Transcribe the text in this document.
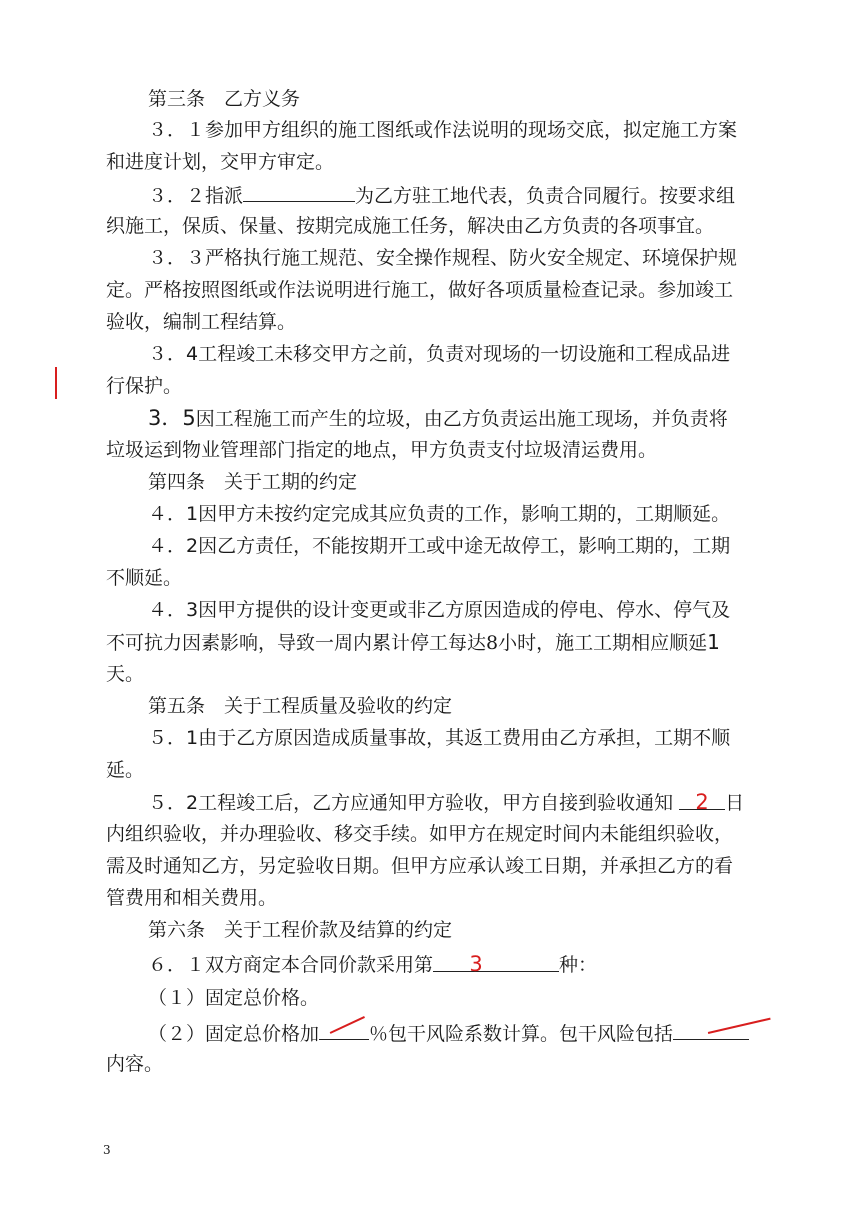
第三条　乙方义务
３．１参加甲方组织的施工图纸或作法说明的现场交底，拟定施工方案
和进度计划，交甲方审定。
３．２指派	为乙方驻工地代表，负责合同履行。按要求组
织施工，保质、保量、按期完成施工任务，解决由乙方负责的各项事宜。
３．３严格执行施工规范、安全操作规程、防火安全规定、环境保护规
定。严格按照图纸或作法说明进行施工，做好各项质量检查记录。参加竣工
验收，编制工程结算。
３．4工程竣工未移交甲方之前，负责对现场的一切设施和工程成品进
行保护。
3．5因工程施工而产生的垃圾，由乙方负责运出施工现场，并负责将
垃圾运到物业管理部门指定的地点，甲方负责支付垃圾清运费用。
第四条　关于工期的约定
４．1因甲方未按约定完成其应负责的工作，影响工期的，工期顺延。
４．2因乙方责任，不能按期开工或中途无故停工，影响工期的，工期
不顺延。
４．3因甲方提供的设计变更或非乙方原因造成的停电、停水、停气及
不可抗力因素影响，导致一周内累计停工每达8小时，施工工期相应顺延1
天。
第五条　关于工程质量及验收的约定
５．1由于乙方原因造成质量事故，其返工费用由乙方承担，工期不顺
延。
５．2工程竣工后，乙方应通知甲方验收，甲方自接到验收通知 2 日
内组织验收，并办理验收、移交手续。如甲方在规定时间内未能组织验收，
需及时通知乙方，另定验收日期。但甲方应承认竣工日期，并承担乙方的看
管费用和相关费用。
第六条　关于工程价款及结算的约定
６．１双方商定本合同价款采用第 3	种：
（１）固定总价格。
（２）固定总价格加	％包干风险系数计算。包干风险包括
内容。
3
